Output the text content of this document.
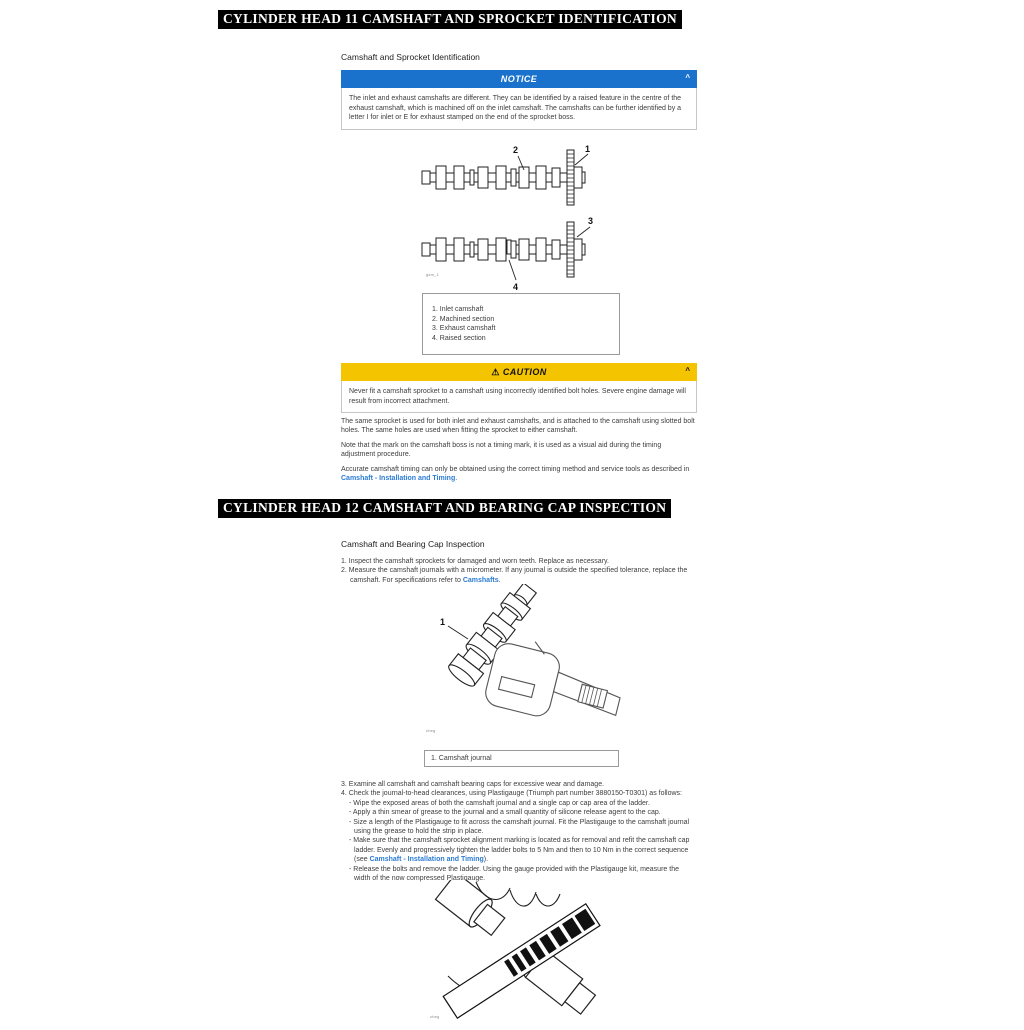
CYLINDER HEAD 11 CAMSHAFT AND SPROCKET IDENTIFICATION
Camshaft and Sprocket Identification
NOTICE	^
The inlet and exhaust camshafts are different. They can be identified by a raised feature in the centre of the exhaust camshaft, which is machined off on the inlet camshaft. The camshafts can be further identified by a letter I for inlet or E for exhaust stamped on the end of the sprocket boss.
1
2
3
4
gsm_1
1. Inlet camshaft
2. Machined section
3. Exhaust camshaft
4. Raised section
⚠ CAUTION	^
Never fit a camshaft sprocket to a camshaft using incorrectly identified bolt holes. Severe engine damage will result from incorrect attachment.

The same sprocket is used for both inlet and exhaust camshafts, and is attached to the camshaft using slotted bolt holes. The same holes are used when fitting the sprocket to either camshaft.

Note that the mark on the camshaft boss is not a timing mark, it is used as a visual aid during the timing adjustment procedure.

Accurate camshaft timing can only be obtained using the correct timing method and service tools as described in Camshaft - Installation and Timing.

CYLINDER HEAD 12 CAMSHAFT AND BEARING CAP INSPECTION
Camshaft and Bearing Cap Inspection
1. Inspect the camshaft sprockets for damaged and worn teeth. Replace as necessary.
2. Measure the camshaft journals with a micrometer. If any journal is outside the specified tolerance, replace the camshaft. For specifications refer to Camshafts.
1
cheg
1. Camshaft journal
3. Examine all camshaft and camshaft bearing caps for excessive wear and damage.
4. Check the journal-to-head clearances, using Plastigauge (Triumph part number 3880150-T0301) as follows:
- Wipe the exposed areas of both the camshaft journal and a single cap or cap area of the ladder.
- Apply a thin smear of grease to the journal and a small quantity of silicone release agent to the cap.
- Size a length of the Plastigauge to fit across the camshaft journal. Fit the Plastigauge to the camshaft journal using the grease to hold the strip in place.
- Make sure that the camshaft sprocket alignment marking is located as for removal and refit the camshaft cap ladder. Evenly and progressively tighten the ladder bolts to 5 Nm and then to 10 Nm in the correct sequence (see Camshaft - Installation and Timing).
- Release the bolts and remove the ladder. Using the gauge provided with the Plastigauge kit, measure the width of the now compressed Plastigauge.
cheg
